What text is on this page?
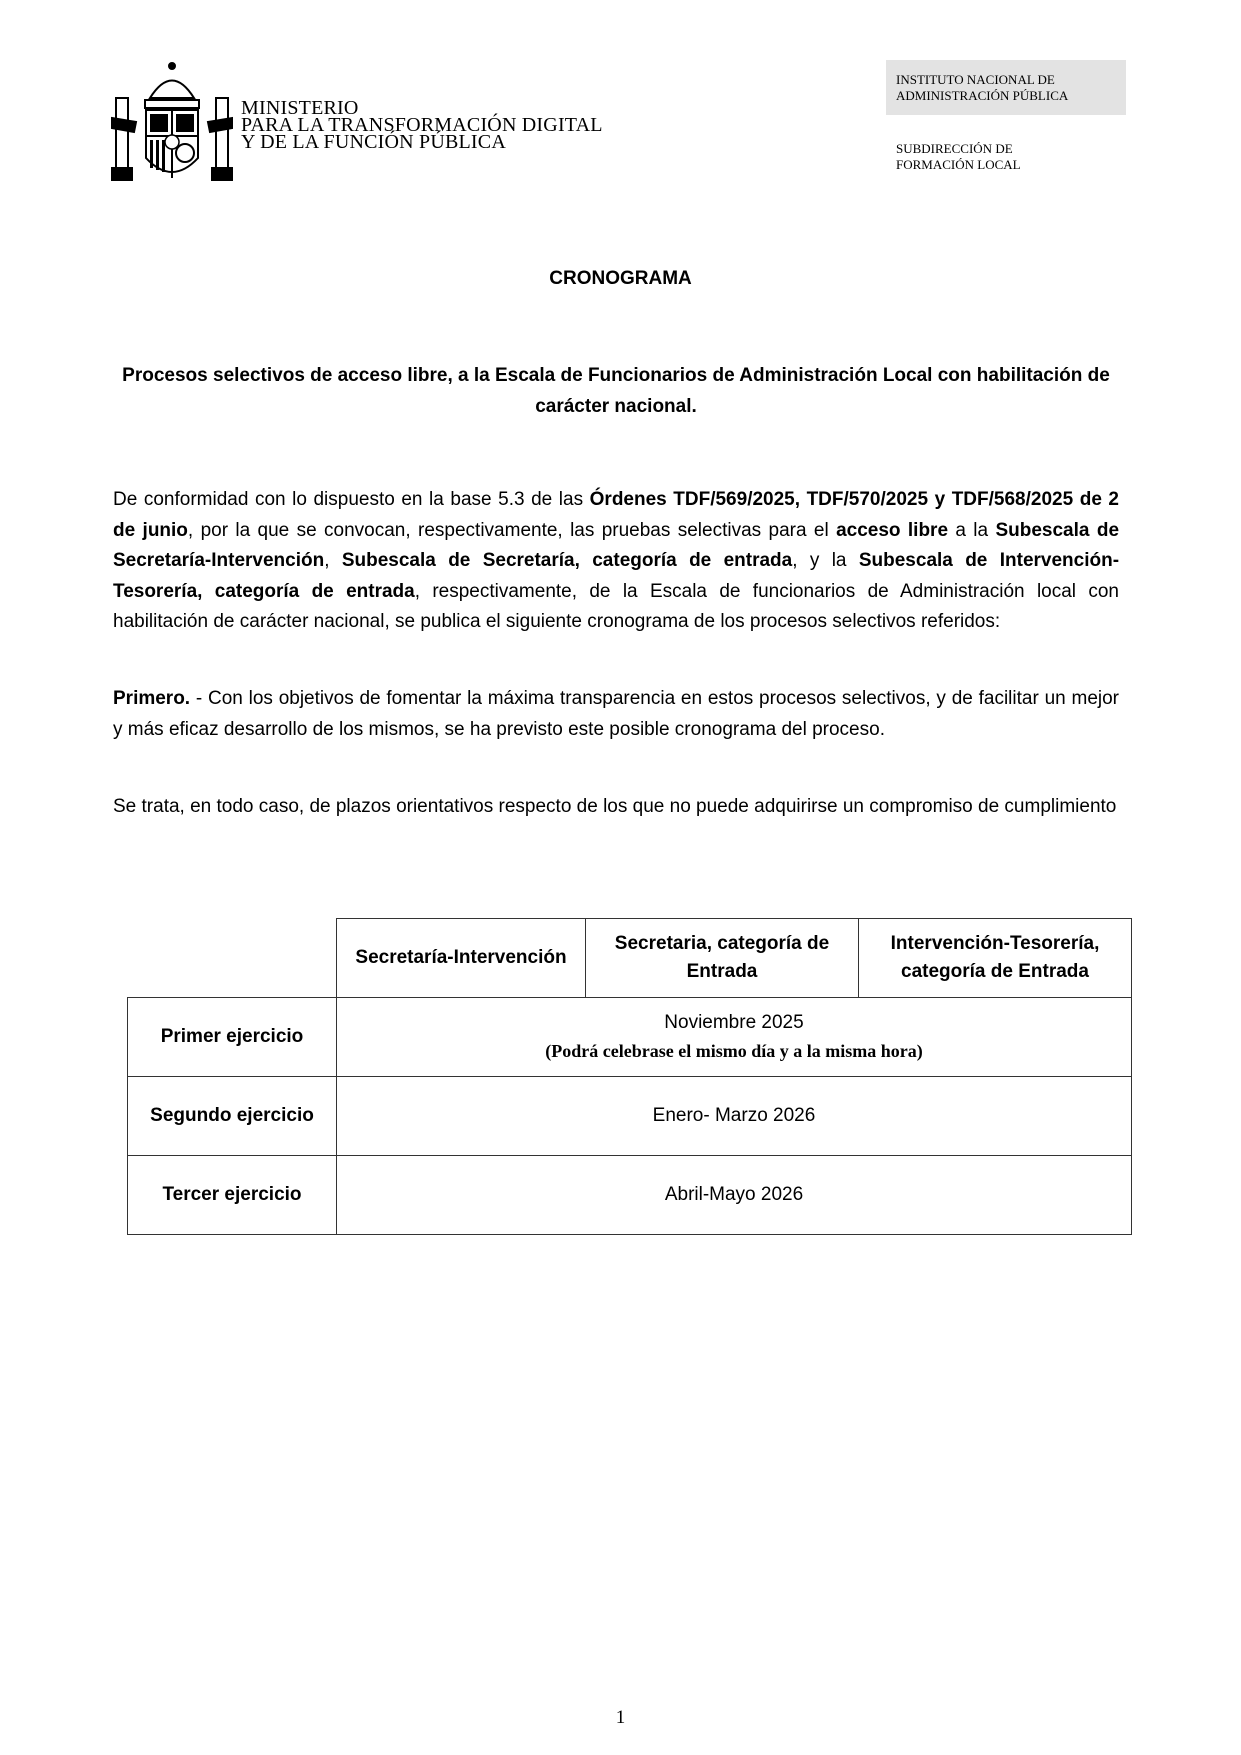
MINISTERIO
PARA LA TRANSFORMACIÓN DIGITAL
Y DE LA FUNCIÓN PÚBLICA
INSTITUTO NACIONAL DE
ADMINISTRACIÓN PÚBLICA
SUBDIRECCIÓN DE
FORMACIÓN LOCAL
CRONOGRAMA
Procesos selectivos de acceso libre, a la Escala de Funcionarios de Administración Local con habilitación de carácter nacional.
De conformidad con lo dispuesto en la base 5.3 de las Órdenes TDF/569/2025, TDF/570/2025 y TDF/568/2025 de 2 de junio, por la que se convocan, respectivamente, las pruebas selectivas para el acceso libre a la Subescala de Secretaría-Intervención, Subescala de Secretaría, categoría de entrada, y la Subescala de Intervención-Tesorería, categoría de entrada, respectivamente, de la Escala de funcionarios de Administración local con habilitación de carácter nacional, se publica el siguiente cronograma de los procesos selectivos referidos:
Primero. - Con los objetivos de fomentar la máxima transparencia en estos procesos selectivos, y de facilitar un mejor y más eficaz desarrollo de los mismos, se ha previsto este posible cronograma del proceso.
Se trata, en todo caso, de plazos orientativos respecto de los que no puede adquirirse un compromiso de cumplimiento
	Secretaría-Intervención	Secretaria, categoría de Entrada	Intervención-Tesorería, categoría de Entrada
Primer ejercicio	Noviembre 2025
(Podrá celebrase el mismo día y a la misma hora)		

Segundo ejercicio	Enero- Marzo 2026		
Tercer ejercicio	Abril-Mayo 2026		
1
